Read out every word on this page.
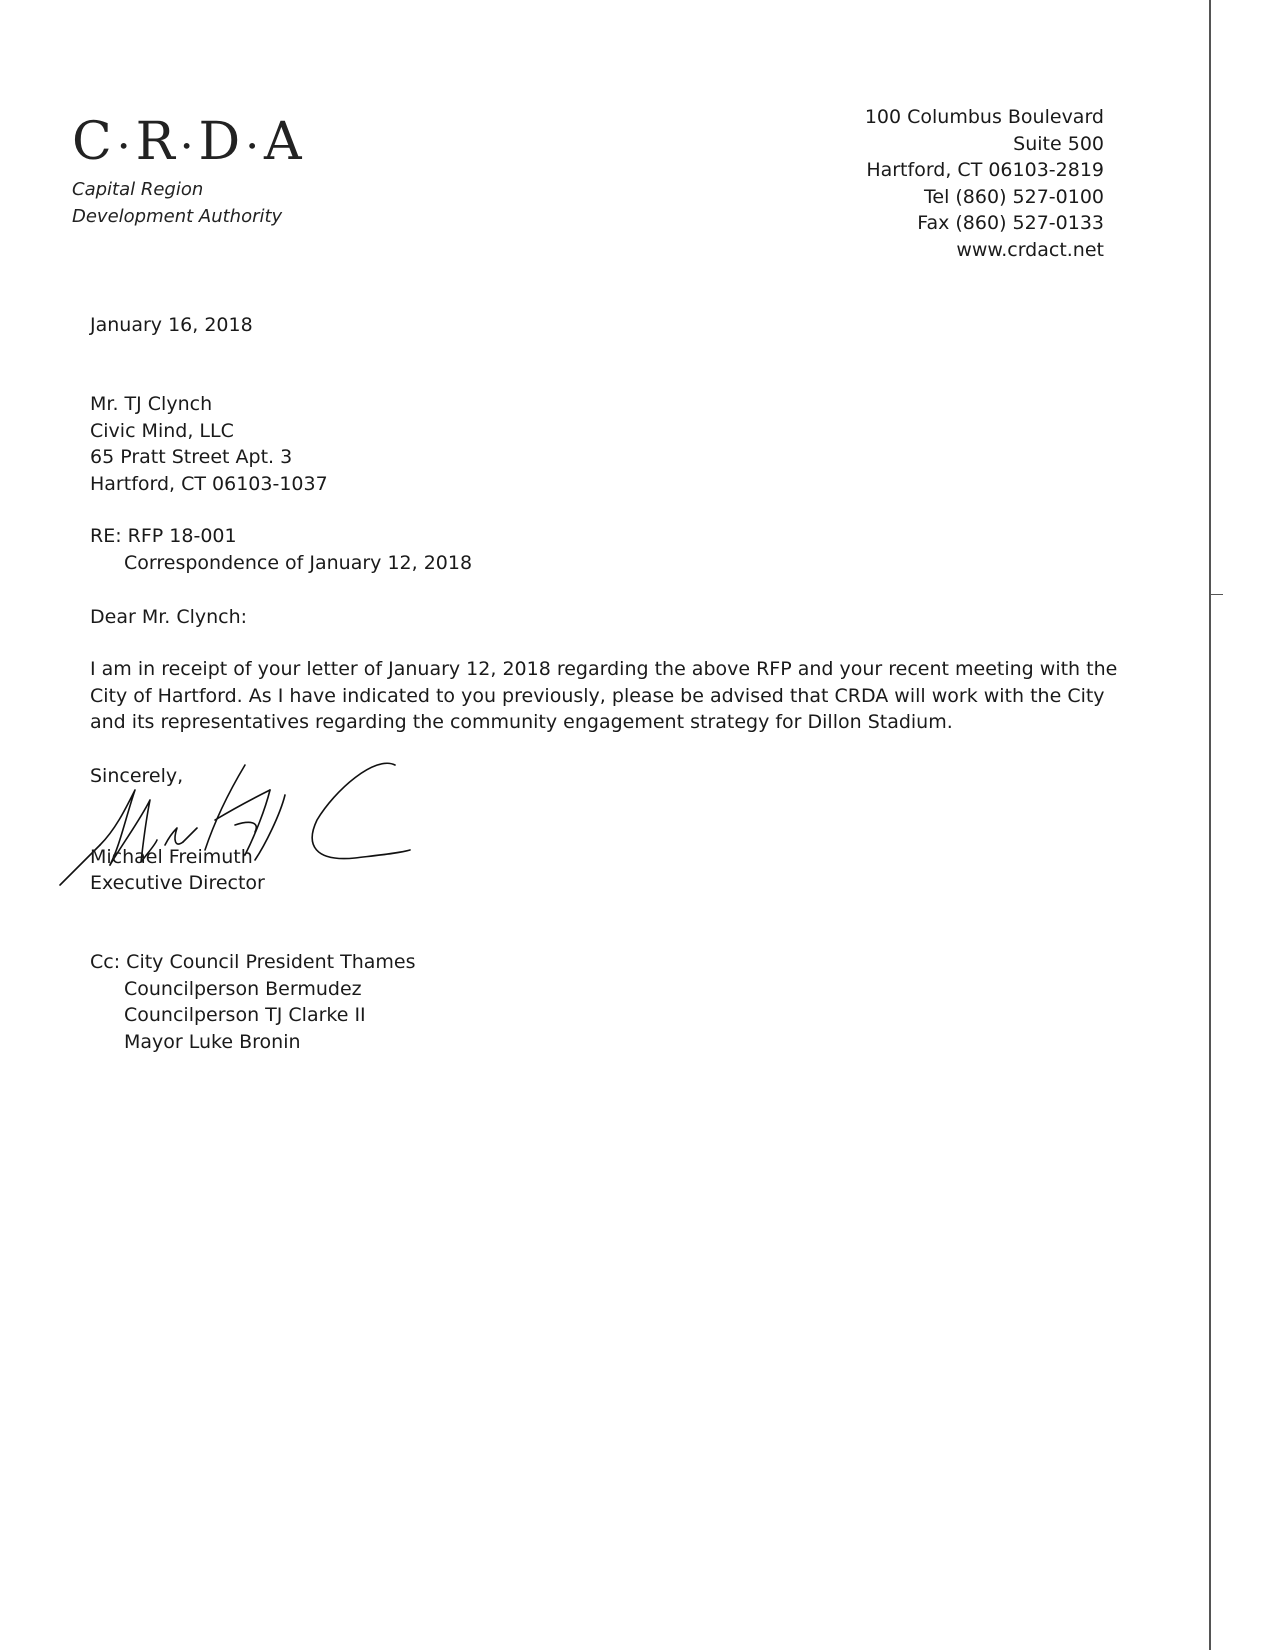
C •R •D •A
Capital Region
Development Authority
100 Columbus Boulevard
Suite 500
Hartford, CT 06103-2819
Tel (860) 527-0100
Fax (860) 527-0133
www.crdact.net
January 16, 2018
Mr. TJ Clynch
Civic Mind, LLC
65 Pratt Street Apt. 3
Hartford, CT 06103-1037
RE: RFP 18-001
Correspondence of January 12, 2018
Dear Mr. Clynch:
I am in receipt of your letter of January 12, 2018 regarding the above RFP and your recent meeting with the City of Hartford. As I have indicated to you previously, please be advised that CRDA will work with the City and its representatives regarding the community engagement strategy for Dillon Stadium.
Sincerely,
Michael Freimuth
Executive Director
Cc: City Council President Thames
Councilperson Bermudez
Councilperson TJ Clarke II
Mayor Luke Bronin
